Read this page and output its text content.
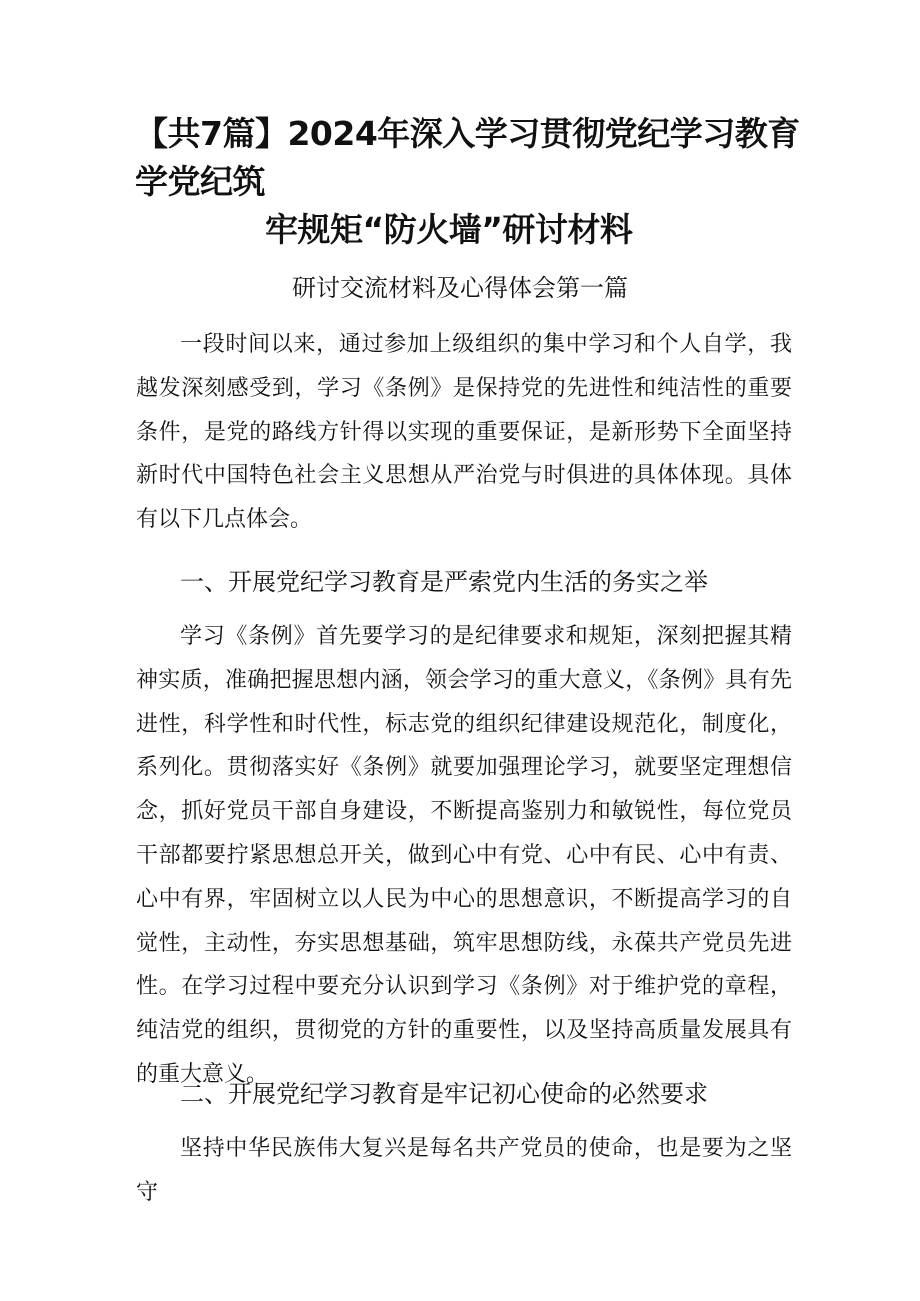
【共7篇】2024年深入学习贯彻党纪学习教育学党纪筑
牢规矩“防火墙”研讨材料
研讨交流材料及心得体会第一篇

一段时间以来，通过参加上级组织的集中学习和个人自学，我越发深刻感受到，学习《条例》是保持党的先进性和纯洁性的重要条件，是党的路线方针得以实现的重要保证，是新形势下全面坚持新时代中国特色社会主义思想从严治党与时俱进的具体体现。具体有以下几点体会。

一、开展党纪学习教育是严索党内生活的务实之举

学习《条例》首先要学习的是纪律要求和规矩，深刻把握其精神实质，准确把握思想内涵，领会学习的重大意义，《条例》具有先进性，科学性和时代性，标志党的组织纪律建设规范化，制度化，系列化。贯彻落实好《条例》就要加强理论学习，就要坚定理想信念，抓好党员干部自身建设，不断提高鉴别力和敏锐性，每位党员干部都要拧紧思想总开关，做到心中有党、心中有民、心中有责、心中有界，牢固树立以人民为中心的思想意识，不断提高学习的自觉性，主动性，夯实思想基础，筑牢思想防线，永葆共产党员先进性。在学习过程中要充分认识到学习《条例》对于维护党的章程，纯洁党的组织，贯彻党的方针的重要性，以及坚持高质量发展具有的重大意义。

二、开展党纪学习教育是牢记初心使命的必然要求

坚持中华民族伟大复兴是每名共产党员的使命，也是要为之坚守
